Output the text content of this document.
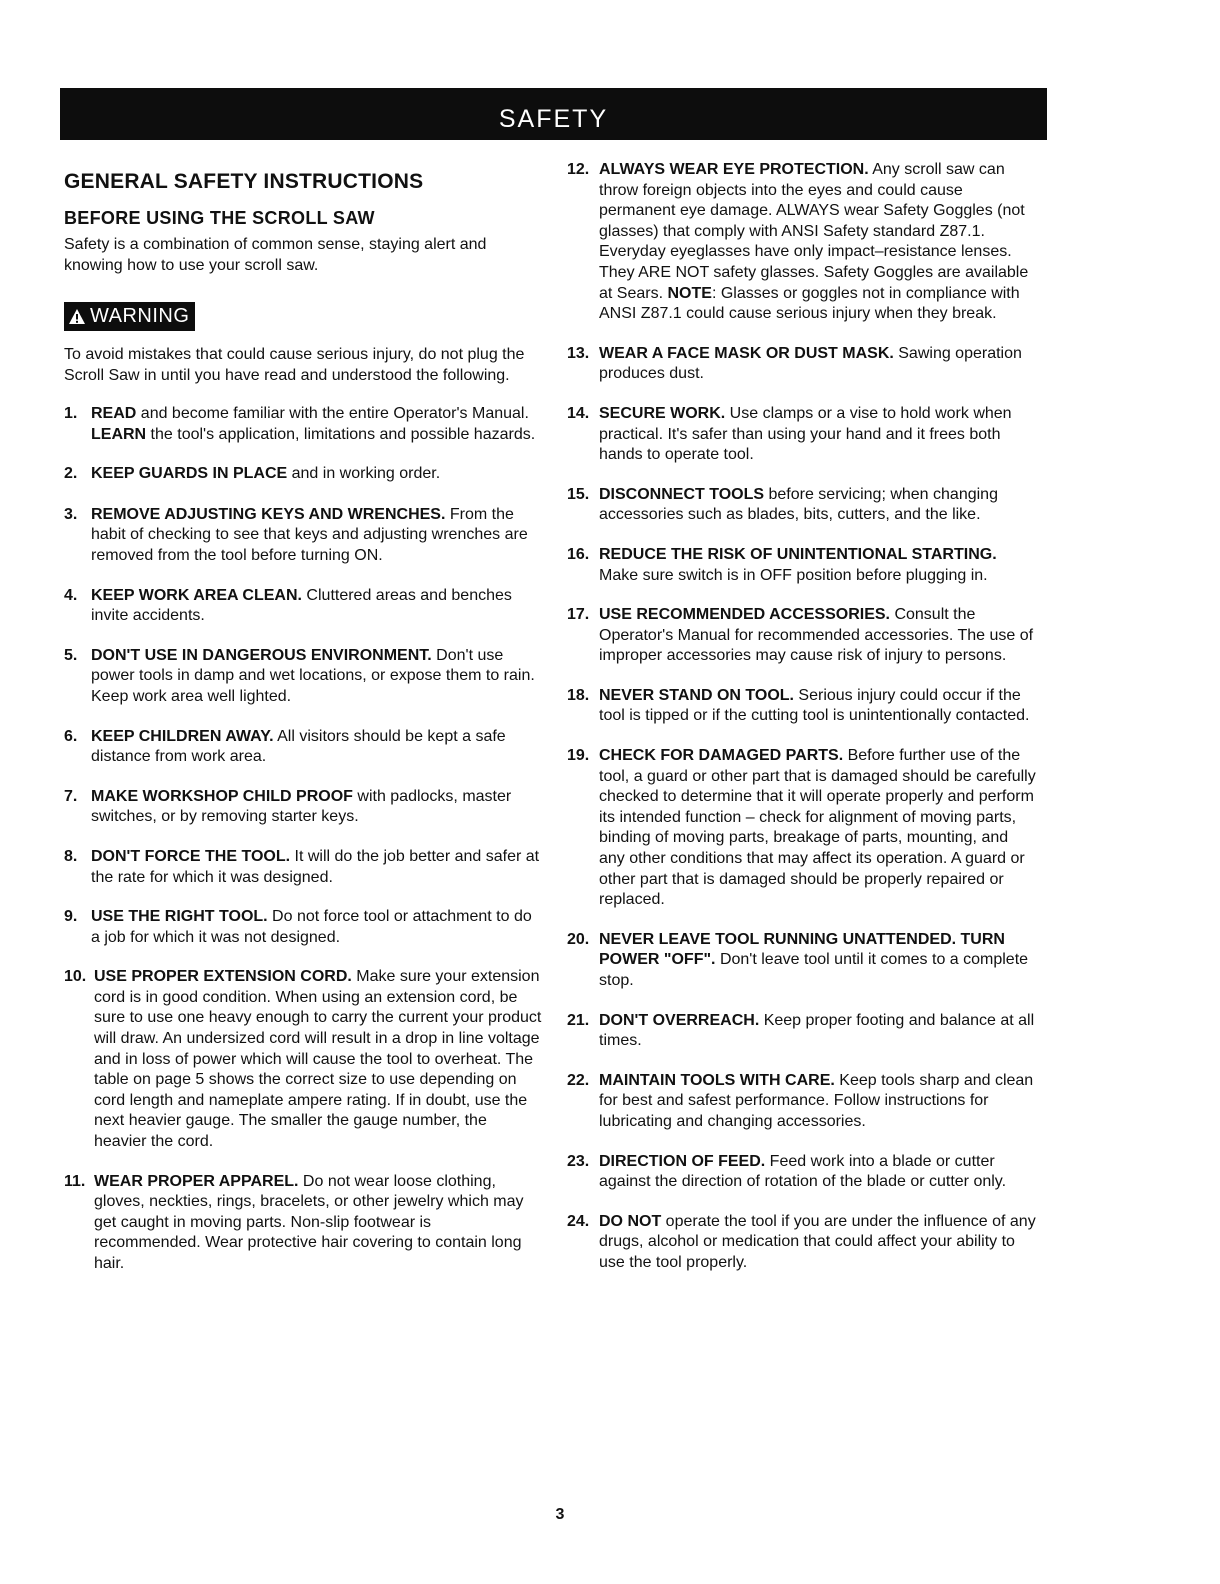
SAFETY
GENERAL SAFETY INSTRUCTIONS
BEFORE USING THE SCROLL SAW

Safety is a combination of common sense, staying alert and knowing how to use your scroll saw.

WARNING

To avoid mistakes that could cause serious injury, do not plug the Scroll Saw in until you have read and understood the following.

1. READ and become familiar with the entire Operator's Manual. LEARN the tool's application, limitations and possible hazards.
2. KEEP GUARDS IN PLACE and in working order.
3. REMOVE ADJUSTING KEYS AND WRENCHES. From the habit of checking to see that keys and adjusting wrenches are removed from the tool before turning ON.
4. KEEP WORK AREA CLEAN. Cluttered areas and benches invite accidents.
5. DON'T USE IN DANGEROUS ENVIRONMENT. Don't use power tools in damp and wet locations, or expose them to rain. Keep work area well lighted.
6. KEEP CHILDREN AWAY. All visitors should be kept a safe distance from work area.
7. MAKE WORKSHOP CHILD PROOF with padlocks, master switches, or by removing starter keys.
8. DON'T FORCE THE TOOL. It will do the job better and safer at the rate for which it was designed.
9. USE THE RIGHT TOOL. Do not force tool or attachment to do a job for which it was not designed.
10. USE PROPER EXTENSION CORD. Make sure your extension cord is in good condition. When using an extension cord, be sure to use one heavy enough to carry the current your product will draw. An undersized cord will result in a drop in line voltage and in loss of power which will cause the tool to overheat. The table on page 5 shows the correct size to use depending on cord length and nameplate ampere rating. If in doubt, use the next heavier gauge. The smaller the gauge number, the heavier the cord.
11. WEAR PROPER APPAREL. Do not wear loose clothing, gloves, neckties, rings, bracelets, or other jewelry which may get caught in moving parts. Non-slip footwear is recommended. Wear protective hair covering to contain long hair.
12. ALWAYS WEAR EYE PROTECTION. Any scroll saw can throw foreign objects into the eyes and could cause permanent eye damage. ALWAYS wear Safety Goggles (not glasses) that comply with ANSI Safety standard Z87.1. Everyday eyeglasses have only impact–resistance lenses. They ARE NOT safety glasses. Safety Goggles are available at Sears. NOTE: Glasses or goggles not in compliance with ANSI Z87.1 could cause serious injury when they break.
13. WEAR A FACE MASK OR DUST MASK. Sawing operation produces dust.
14. SECURE WORK. Use clamps or a vise to hold work when practical. It's safer than using your hand and it frees both hands to operate tool.
15. DISCONNECT TOOLS before servicing; when changing accessories such as blades, bits, cutters, and the like.
16. REDUCE THE RISK OF UNINTENTIONAL STARTING. Make sure switch is in OFF position before plugging in.
17. USE RECOMMENDED ACCESSORIES. Consult the Operator's Manual for recommended accessories. The use of improper accessories may cause risk of injury to persons.
18. NEVER STAND ON TOOL. Serious injury could occur if the tool is tipped or if the cutting tool is unintentionally contacted.
19. CHECK FOR DAMAGED PARTS. Before further use of the tool, a guard or other part that is damaged should be carefully checked to determine that it will operate properly and perform its intended function – check for alignment of moving parts, binding of moving parts, breakage of parts, mounting, and any other conditions that may affect its operation. A guard or other part that is damaged should be properly repaired or replaced.
20. NEVER LEAVE TOOL RUNNING UNATTENDED. TURN POWER "OFF". Don't leave tool until it comes to a complete stop.
21. DON'T OVERREACH. Keep proper footing and balance at all times.
22. MAINTAIN TOOLS WITH CARE. Keep tools sharp and clean for best and safest performance. Follow instructions for lubricating and changing accessories.
23. DIRECTION OF FEED. Feed work into a blade or cutter against the direction of rotation of the blade or cutter only.
24. DO NOT operate the tool if you are under the influence of any drugs, alcohol or medication that could affect your ability to use the tool properly.
3
